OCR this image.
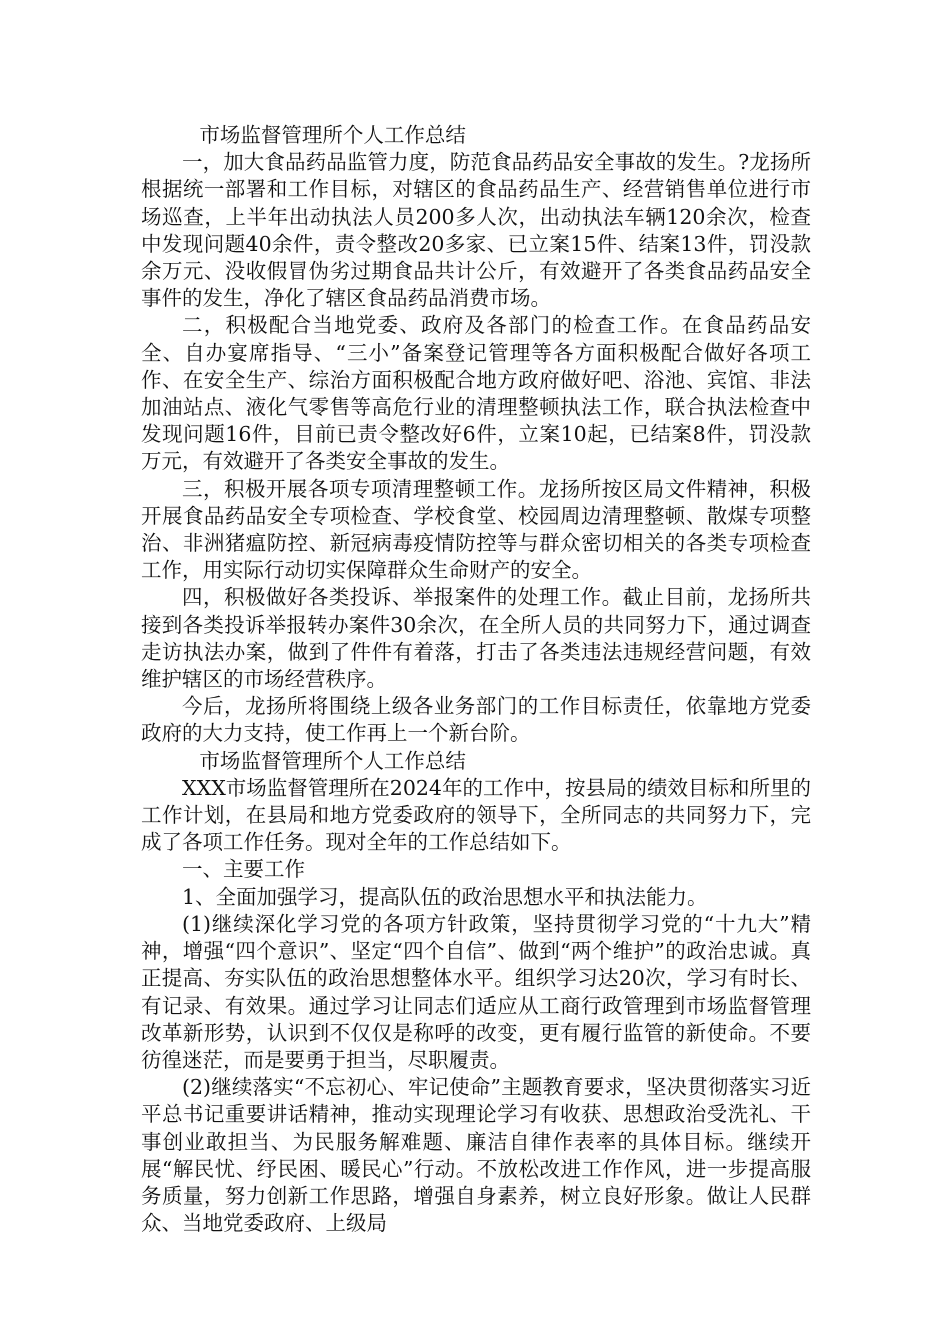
市场监督管理所个人工作总结

一，加大食品药品监管力度，防范食品药品安全事故的发生。?龙扬所根据统一部署和工作目标，对辖区的食品药品生产、经营销售单位进行市场巡查，上半年出动执法人员200多人次，出动执法车辆120余次，检查中发现问题40余件，责令整改20多家、已立案15件、结案13件，罚没款余万元、没收假冒伪劣过期食品共计公斤，有效避开了各类食品药品安全事件的发生，净化了辖区食品药品消费市场。

二，积极配合当地党委、政府及各部门的检查工作。在食品药品安全、自办宴席指导、“三小”备案登记管理等各方面积极配合做好各项工作、在安全生产、综治方面积极配合地方政府做好吧、浴池、宾馆、非法加油站点、液化气零售等高危行业的清理整顿执法工作，联合执法检查中发现问题16件，目前已责令整改好6件，立案10起，已结案8件，罚没款万元，有效避开了各类安全事故的发生。

三，积极开展各项专项清理整顿工作。龙扬所按区局文件精神，积极开展食品药品安全专项检查、学校食堂、校园周边清理整顿、散煤专项整治、非洲猪瘟防控、新冠病毒疫情防控等与群众密切相关的各类专项检查工作，用实际行动切实保障群众生命财产的安全。

四，积极做好各类投诉、举报案件的处理工作。截止目前，龙扬所共接到各类投诉举报转办案件30余次，在全所人员的共同努力下，通过调查走访执法办案，做到了件件有着落，打击了各类违法违规经营问题，有效维护辖区的市场经营秩序。

今后，龙扬所将围绕上级各业务部门的工作目标责任，依靠地方党委政府的大力支持，使工作再上一个新台阶。

市场监督管理所个人工作总结

XXX市场监督管理所在2024年的工作中，按县局的绩效目标和所里的工作计划，在县局和地方党委政府的领导下，全所同志的共同努力下，完成了各项工作任务。现对全年的工作总结如下。

一、主要工作

1、全面加强学习，提高队伍的政治思想水平和执法能力。

(1)继续深化学习党的各项方针政策，坚持贯彻学习党的“十九大”精神，增强“四个意识”、坚定“四个自信”、做到“两个维护”的政治忠诚。真正提高、夯实队伍的政治思想整体水平。组织学习达20次，学习有时长、有记录、有效果。通过学习让同志们适应从工商行政管理到市场监督管理改革新形势，认识到不仅仅是称呼的改变，更有履行监管的新使命。不要彷徨迷茫，而是要勇于担当，尽职履责。

(2)继续落实“不忘初心、牢记使命”主题教育要求，坚决贯彻落实习近平总书记重要讲话精神，推动实现理论学习有收获、思想政治受洗礼、干事创业敢担当、为民服务解难题、廉洁自律作表率的具体目标。继续开展“解民忧、纾民困、暖民心”行动。不放松改进工作作风，进一步提高服务质量，努力创新工作思路，增强自身素养，树立良好形象。做让人民群众、当地党委政府、上级局
